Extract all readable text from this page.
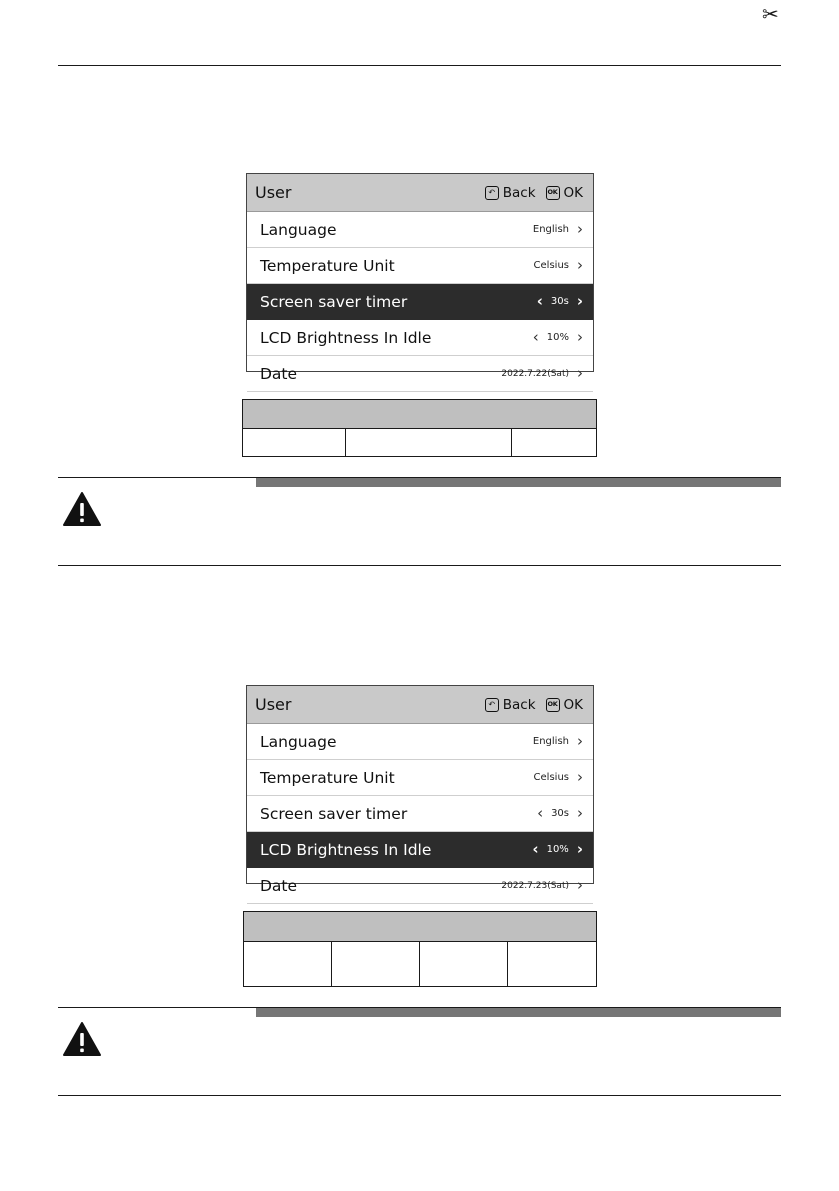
✂
User	↶ Back	OK OK
Language	English ›
Temperature Unit	Celsius ›
Screen saver timer	‹ 30s ›
LCD Brightness In Idle	‹ 10% ›
Date	2022.7.22(Sat) ›
User	↶ Back	OK OK
Language	English ›
Temperature Unit	Celsius ›
Screen saver timer	‹ 30s ›
LCD Brightness In Idle	‹ 10% ›
Date	2022.7.23(Sat) ›
